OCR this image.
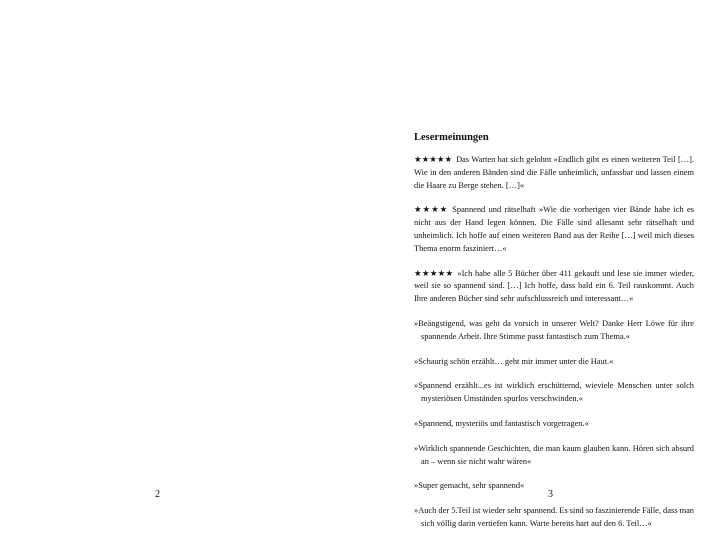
2
Lesermeinungen
★★★★★ Das Warten hat sich gelohnt »Endlich gibt es einen weiteren Teil […]. Wie in den anderen Bänden sind die Fälle unheimlich, unfassbar und lassen einem die Haare zu Berge stehen. […]«
★★★★ Spannend und rätselhaft »Wie die vorherigen vier Bände habe ich es nicht aus der Hand legen können. Die Fälle sind allesamt sehr rätselhaft und unheimlich. Ich hoffe auf einen weiteren Band aus der Reihe […] weil mich dieses Thema enorm fasziniert…«
★★★★★ »Ich habe alle 5 Bücher über 411 gekauft und lese sie immer wieder, weil sie so spannend sind. […] Ich hoffe, dass bald ein 6. Teil rauskommt. Auch Ihre anderen Bücher sind sehr aufschlussreich und interessant…«
»Beängstigend, was geht da vorsich in unserer Welt? Danke Herr Löwe für ihre spannende Arbeit. Ihre Stimme passt fantastisch zum Thema.«
»Schaurig schön erzählt… geht mir immer unter die Haut.«
»Spannend erzählt...es ist wirklich erschütternd, wieviele Menschen unter solch mysteriösen Umständen spurlos verschwinden.«
»Spannend, mysteriös und fantastisch vorgetragen.«
»Wirklich spannende Geschichten, die man kaum glauben kann. Hören sich absurd an – wenn sie nicht wahr wären«
»Super gemacht, sehr spannend«
»Auch der 5.Teil ist wieder sehr spannend. Es sind so faszinierende Fälle, dass man sich völlig darin vertiefen kann. Warte bereits hart auf den 6. Teil…«
3
